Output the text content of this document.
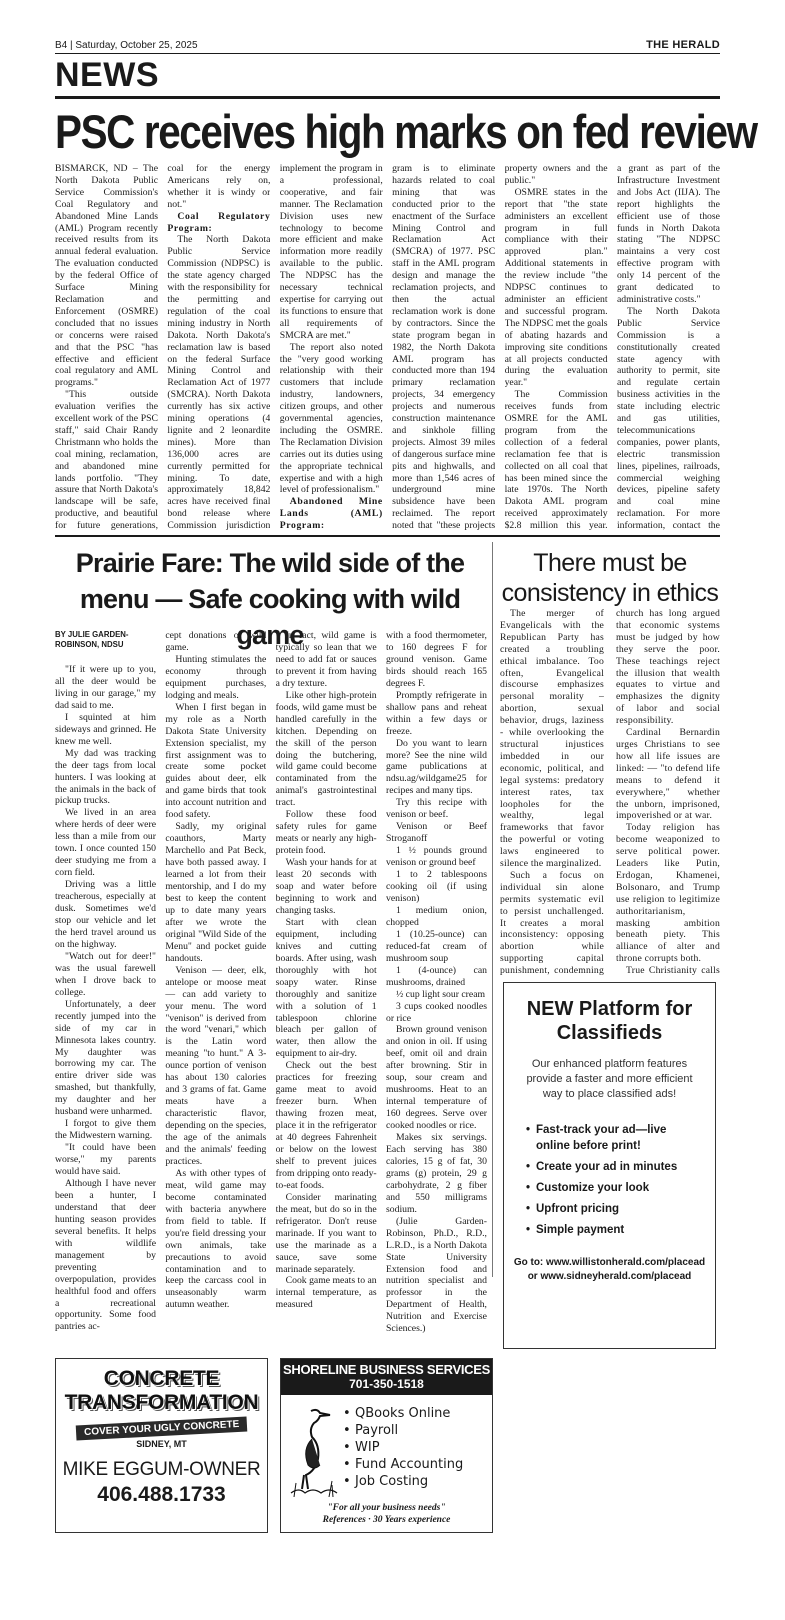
B4 | Saturday, October 25, 2025	THE HERALD
NEWS
PSC receives high marks on fed review

BISMARCK, ND – The North Dakota Public Service Commission's Coal Regulatory and Abandoned Mine Lands (AML) Program recently received results from its annual federal evaluation. The evaluation conducted by the federal Office of Surface Mining Reclamation and Enforcement (OSMRE) concluded that no issues or concerns were raised and that the PSC "has effective and efficient coal regulatory and AML programs."

"This outside evaluation verifies the excellent work of the PSC staff," said Chair Randy Christmann who holds the coal mining, reclamation, and abandoned mine lands portfolio. "They assure that North Dakota's landscape will be safe, productive, and beautiful for future generations,

coal for the energy Americans rely on, whether it is windy or not."

Coal Regulatory Program:

The North Dakota Public Service Commission (NDPSC) is the state agency charged with the responsibility for the permitting and regulation of the coal mining industry in North Dakota. North Dakota's reclamation law is based on the federal Surface Mining Control and Reclamation Act of 1977 (SMCRA). North Dakota currently has six active mining operations (4 lignite and 2 leonardite mines). More than 136,000 acres are currently permitted for mining. To date, approximately 18,842 acres have received final bond release where Commission jurisdiction

implement the program in a professional, cooperative, and fair manner. The Reclamation Division uses new technology to become more efficient and make information more readily available to the public. The NDPSC has the necessary technical expertise for carrying out its functions to ensure that all requirements of SMCRA are met."

The report also noted the "very good working relationship with their customers that include industry, landowners, citizen groups, and other governmental agencies, including the OSMRE. The Reclamation Division carries out its duties using the appropriate technical expertise and with a high level of professionalism."

Abandoned Mine Lands (AML) Program:

gram is to eliminate hazards related to coal mining that was conducted prior to the enactment of the Surface Mining Control and Reclamation Act (SMCRA) of 1977. PSC staff in the AML program design and manage the reclamation projects, and then the actual reclamation work is done by contractors. Since the state program began in 1982, the North Dakota AML program has conducted more than 194 primary reclamation projects, 34 emergency projects and numerous construction maintenance and sinkhole filling projects. Almost 39 miles of dangerous surface mine pits and highwalls, and more than 1,546 acres of underground mine subsidence have been reclaimed. The report noted that "these projects

property owners and the public."

OSMRE states in the report that "the state administers an excellent program in full compliance with their approved plan." Additional statements in the review include "the NDPSC continues to administer an efficient and successful program. The NDPSC met the goals of abating hazards and improving site conditions at all projects conducted during the evaluation year."

The Commission receives funds from OSMRE for the AML program from the collection of a federal reclamation fee that is collected on all coal that has been mined since the late 1970s. The North Dakota AML program received approximately $2.8 million this year.

a grant as part of the Infrastructure Investment and Jobs Act (IIJA). The report highlights the efficient use of those funds in North Dakota stating "The NDPSC maintains a very cost effective program with only 14 percent of the grant dedicated to administrative costs."

The North Dakota Public Service Commission is a constitutionally created state agency with authority to permit, site and regulate certain business activities in the state including electric and gas utilities, telecommunications companies, power plants, electric transmission lines, pipelines, railroads, commercial weighing devices, pipeline safety and coal mine reclamation. For more information, contact the

Prairie Fare: The wild side of the menu — Safe cooking with wild game
BY JULIE GARDEN-ROBINSON, NDSU

"If it were up to you, all the deer would be living in our garage," my dad said to me.

I squinted at him sideways and grinned. He knew me well.

My dad was tracking the deer tags from local hunters. I was looking at the animals in the back of pickup trucks.

We lived in an area where herds of deer were less than a mile from our town. I once counted 150 deer studying me from a corn field.

Driving was a little treacherous, especially at dusk. Sometimes we'd stop our vehicle and let the herd travel around us on the highway.

"Watch out for deer!" was the usual farewell when I drove back to college.

Unfortunately, a deer recently jumped into the side of my car in Minnesota lakes country. My daughter was borrowing my car. The entire driver side was smashed, but thankfully, my daughter and her husband were unharmed.

I forgot to give them the Midwestern warning.

"It could have been worse," my parents would have said.

Although I have never been a hunter, I understand that deer hunting season provides several benefits. It helps with wildlife management by preventing overpopulation, provides healthful food and offers a recreational opportunity. Some food pantries ac-

cept donations of wild game.

Hunting stimulates the economy through equipment purchases, lodging and meals.

When I first began in my role as a North Dakota State University Extension specialist, my first assignment was to create some pocket guides about deer, elk and game birds that took into account nutrition and food safety.

Sadly, my original coauthors, Marty Marchello and Pat Beck, have both passed away. I learned a lot from their mentorship, and I do my best to keep the content up to date many years after we wrote the original "Wild Side of the Menu" and pocket guide handouts.

Venison — deer, elk, antelope or moose meat — can add variety to your menu. The word "venison" is derived from the word "venari," which is the Latin word meaning "to hunt." A 3-ounce portion of venison has about 130 calories and 3 grams of fat. Game meats have a characteristic flavor, depending on the species, the age of the animals and the animals' feeding practices.

As with other types of meat, wild game may become contaminated with bacteria anywhere from field to table. If you're field dressing your own animals, take precautions to avoid contamination and to keep the carcass cool in unseasonably warm autumn weather.

In fact, wild game is typically so lean that we need to add fat or sauces to prevent it from having a dry texture.

Like other high-protein foods, wild game must be handled carefully in the kitchen. Depending on the skill of the person doing the butchering, wild game could become contaminated from the animal's gastrointestinal tract.

Follow these food safety rules for game meats or nearly any high-protein food.

Wash your hands for at least 20 seconds with soap and water before beginning to work and changing tasks.

Start with clean equipment, including knives and cutting boards. After using, wash thoroughly with hot soapy water. Rinse thoroughly and sanitize with a solution of 1 tablespoon chlorine bleach per gallon of water, then allow the equipment to air-dry.

Check out the best practices for freezing game meat to avoid freezer burn. When thawing frozen meat, place it in the refrigerator at 40 degrees Fahrenheit or below on the lowest shelf to prevent juices from dripping onto ready-to-eat foods.

Consider marinating the meat, but do so in the refrigerator. Don't reuse marinade. If you want to use the marinade as a sauce, save some marinade separately.

Cook game meats to an internal temperature, as measured

with a food thermometer, to 160 degrees F for ground venison. Game birds should reach 165 degrees F.

Promptly refrigerate in shallow pans and reheat within a few days or freeze.

Do you want to learn more? See the nine wild game publications at ndsu.ag/wildgame25 for recipes and many tips.

Try this recipe with venison or beef.

Venison or Beef Stroganoff

1 ½ pounds ground venison or ground beef

1 to 2 tablespoons cooking oil (if using venison)

1 medium onion, chopped

1 (10.25-ounce) can reduced-fat cream of mushroom soup

1 (4-ounce) can mushrooms, drained

½ cup light sour cream

3 cups cooked noodles or rice

Brown ground venison and onion in oil. If using beef, omit oil and drain after browning. Stir in soup, sour cream and mushrooms. Heat to an internal temperature of 160 degrees. Serve over cooked noodles or rice.

Makes six servings. Each serving has 380 calories, 15 g of fat, 30 grams (g) protein, 29 g carbohydrate, 2 g fiber and 550 milligrams sodium.

(Julie Garden-Robinson, Ph.D., R.D., L.R.D., is a North Dakota State University Extension food and nutrition specialist and professor in the Department of Health, Nutrition and Exercise Sciences.)

There must be consistency in ethics

The merger of Evangelicals with the Republican Party has created a troubling ethical imbalance. Too often, Evangelical discourse emphasizes personal morality – abortion, sexual behavior, drugs, laziness - while overlooking the structural injustices imbedded in our economic, political, and legal systems: predatory interest rates, tax loopholes for the wealthy, legal frameworks that favor the powerful or voting laws engineered to silence the marginalized.

Such a focus on individual sin alone permits systematic evil to persist unchallenged. It creates a moral inconsistency: opposing abortion while supporting capital punishment, condemning

church has long argued that economic systems must be judged by how they serve the poor. These teachings reject the illusion that wealth equates to virtue and emphasizes the dignity of labor and social responsibility.

Cardinal Bernardin urges Christians to see how all life issues are linked: — "to defend life means to defend it everywhere," whether the unborn, imprisoned, impoverished or at war.

Today religion has become weaponized to serve political power. Leaders like Putin, Erdogan, Khamenei, Bolsonaro, and Trump use religion to legitimize authoritarianism, masking ambition beneath piety. This alliance of alter and throne corrupts both.

True Christianity calls

NEW Platform for Classifieds
Our enhanced platform features provide a faster and more efficient way to place classified ads!
• Fast-track your ad—live online before print!
• Create your ad in minutes
• Customize your look
• Upfront pricing
• Simple payment
Go to: www.willistonherald.com/placead
or www.sidneyherald.com/placead
CONCRETE
TRANSFORMATION
COVER YOUR UGLY CONCRETE
SIDNEY, MT
MIKE EGGUM-OWNER
406.488.1733
SHORELINE BUSINESS SERVICES
701-350-1518
• QBooks Online
• Payroll
• WIP
• Fund Accounting
• Job Costing
"For all your business needs"
References · 30 Years experience
